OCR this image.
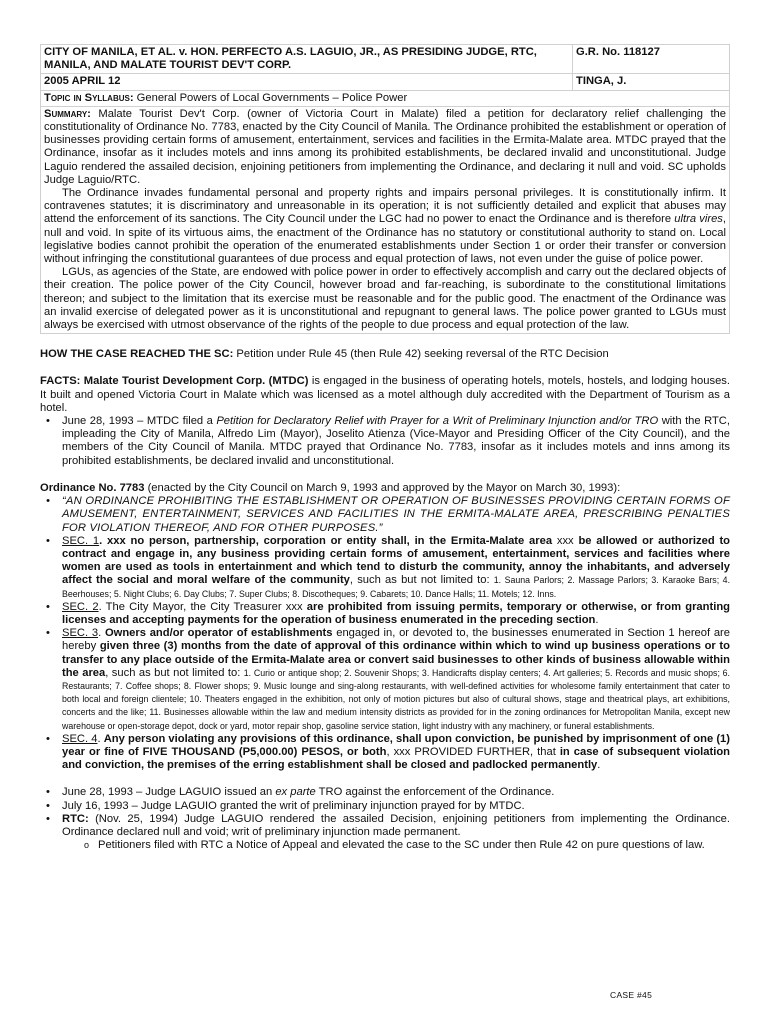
CITY OF MANILA, ET AL. v. HON. PERFECTO A.S. LAGUIO, JR., AS PRESIDING JUDGE, RTC, MANILA, AND MALATE TOURIST DEV'T CORP.	G.R. No. 118127
2005 APRIL 12	TINGA, J.
Topic in Syllabus: General Powers of Local Governments – Police Power	

Summary: Malate Tourist Dev't Corp. (owner of Victoria Court in Malate) filed a petition for declaratory relief challenging the constitutionality of Ordinance No. 7783, enacted by the City Council of Manila. The Ordinance prohibited the establishment or operation of businesses providing certain forms of amusement, entertainment, services and facilities in the Ermita-Malate area. MTDC prayed that the Ordinance, insofar as it includes motels and inns among its prohibited establishments, be declared invalid and unconstitutional. Judge Laguio rendered the assailed decision, enjoining petitioners from implementing the Ordinance, and declaring it null and void. SC upholds Judge Laguio/RTC.
The Ordinance invades fundamental personal and property rights and impairs personal privileges. It is constitutionally infirm. It contravenes statutes; it is discriminatory and unreasonable in its operation; it is not sufficiently detailed and explicit that abuses may attend the enforcement of its sanctions. The City Council under the LGC had no power to enact the Ordinance and is therefore ultra vires, null and void. In spite of its virtuous aims, the enactment of the Ordinance has no statutory or constitutional authority to stand on. Local legislative bodies cannot prohibit the operation of the enumerated establishments under Section 1 or order their transfer or conversion without infringing the constitutional guarantees of due process and equal protection of laws, not even under the guise of police power.
LGUs, as agencies of the State, are endowed with police power in order to effectively accomplish and carry out the declared objects of their creation. The police power of the City Council, however broad and far-reaching, is subordinate to the constitutional limitations thereon; and subject to the limitation that its exercise must be reasonable and for the public good. The enactment of the Ordinance was an invalid exercise of delegated power as it is unconstitutional and repugnant to general laws. The police power granted to LGUs must always be exercised with utmost observance of the rights of the people to due process and equal protection of the law.	
HOW THE CASE REACHED THE SC: Petition under Rule 45 (then Rule 42) seeking reversal of the RTC Decision
FACTS: Malate Tourist Development Corp. (MTDC) is engaged in the business of operating hotels, motels, hostels, and lodging houses. It built and opened Victoria Court in Malate which was licensed as a motel although duly accredited with the Department of Tourism as a hotel.
• June 28, 1993 – MTDC filed a Petition for Declaratory Relief with Prayer for a Writ of Preliminary Injunction and/or TRO with the RTC, impleading the City of Manila, Alfredo Lim (Mayor), Joselito Atienza (Vice-Mayor and Presiding Officer of the City Council), and the members of the City Council of Manila. MTDC prayed that Ordinance No. 7783, insofar as it includes motels and inns among its prohibited establishments, be declared invalid and unconstitutional.
Ordinance No. 7783 (enacted by the City Council on March 9, 1993 and approved by the Mayor on March 30, 1993):
• “AN ORDINANCE PROHIBITING THE ESTABLISHMENT OR OPERATION OF BUSINESSES PROVIDING CERTAIN FORMS OF AMUSEMENT, ENTERTAINMENT, SERVICES AND FACILITIES IN THE ERMITA-MALATE AREA, PRESCRIBING PENALTIES FOR VIOLATION THEREOF, AND FOR OTHER PURPOSES.”
• SEC. 1. xxx no person, partnership, corporation or entity shall, in the Ermita-Malate area xxx be allowed or authorized to contract and engage in, any business providing certain forms of amusement, entertainment, services and facilities where women are used as tools in entertainment and which tend to disturb the community, annoy the inhabitants, and adversely affect the social and moral welfare of the community, such as but not limited to: 1. Sauna Parlors; 2. Massage Parlors; 3. Karaoke Bars; 4. Beerhouses; 5. Night Clubs; 6. Day Clubs; 7. Super Clubs; 8. Discotheques; 9. Cabarets; 10. Dance Halls; 11. Motels; 12. Inns.
• SEC. 2. The City Mayor, the City Treasurer xxx are prohibited from issuing permits, temporary or otherwise, or from granting licenses and accepting payments for the operation of business enumerated in the preceding section.
• SEC. 3. Owners and/or operator of establishments engaged in, or devoted to, the businesses enumerated in Section 1 hereof are hereby given three (3) months from the date of approval of this ordinance within which to wind up business operations or to transfer to any place outside of the Ermita-Malate area or convert said businesses to other kinds of business allowable within the area, such as but not limited to: 1. Curio or antique shop; 2. Souvenir Shops; 3. Handicrafts display centers; 4. Art galleries; 5. Records and music shops; 6. Restaurants; 7. Coffee shops; 8. Flower shops; 9. Music lounge and sing-along restaurants, with well-defined activities for wholesome family entertainment that cater to both local and foreign clientele; 10. Theaters engaged in the exhibition, not only of motion pictures but also of cultural shows, stage and theatrical plays, art exhibitions, concerts and the like; 11. Businesses allowable within the law and medium intensity districts as provided for in the zoning ordinances for Metropolitan Manila, except new warehouse or open-storage depot, dock or yard, motor repair shop, gasoline service station, light industry with any machinery, or funeral establishments.
• SEC. 4. Any person violating any provisions of this ordinance, shall upon conviction, be punished by imprisonment of one (1) year or fine of FIVE THOUSAND (P5,000.00) PESOS, or both, xxx PROVIDED FURTHER, that in case of subsequent violation and conviction, the premises of the erring establishment shall be closed and padlocked permanently.
• June 28, 1993 – Judge LAGUIO issued an ex parte TRO against the enforcement of the Ordinance.
• July 16, 1993 – Judge LAGUIO granted the writ of preliminary injunction prayed for by MTDC.
• RTC: (Nov. 25, 1994) Judge LAGUIO rendered the assailed Decision, enjoining petitioners from implementing the Ordinance. Ordinance declared null and void; writ of preliminary injunction made permanent.
o Petitioners filed with RTC a Notice of Appeal and elevated the case to the SC under then Rule 42 on pure questions of law.
CASE #45
